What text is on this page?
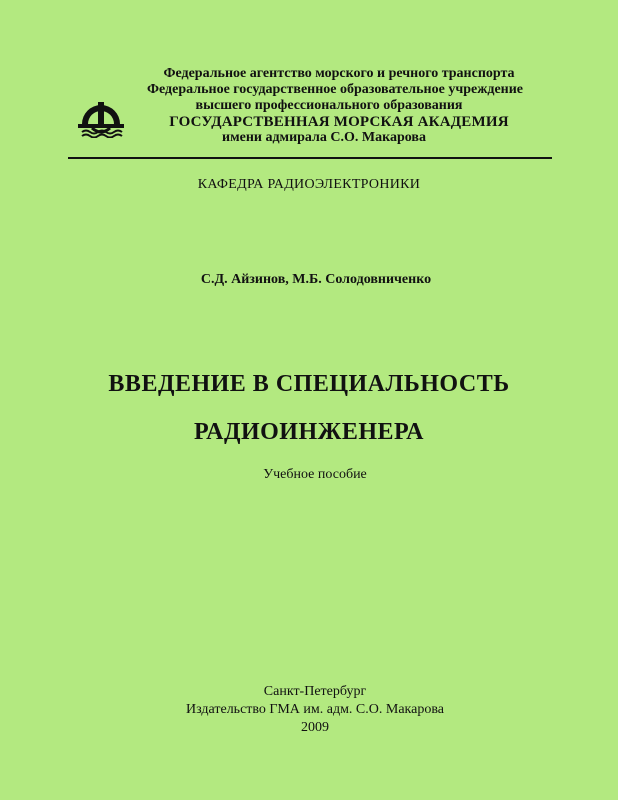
Федеральное агентство морского и речного транспорта
Федеральное государственное образовательное учреждение
высшего профессионального образования
ГОСУДАРСТВЕННАЯ МОРСКАЯ АКАДЕМИЯ
имени адмирала С.О. Макарова
КАФЕДРА РАДИОЭЛЕКТРОНИКИ
С.Д. Айзинов, М.Б. Солодовниченко
ВВЕДЕНИЕ В СПЕЦИАЛЬНОСТЬ
РАДИОИНЖЕНЕРА
Учебное пособие
Санкт-Петербург
Издательство ГМА им. адм. С.О. Макарова
2009
